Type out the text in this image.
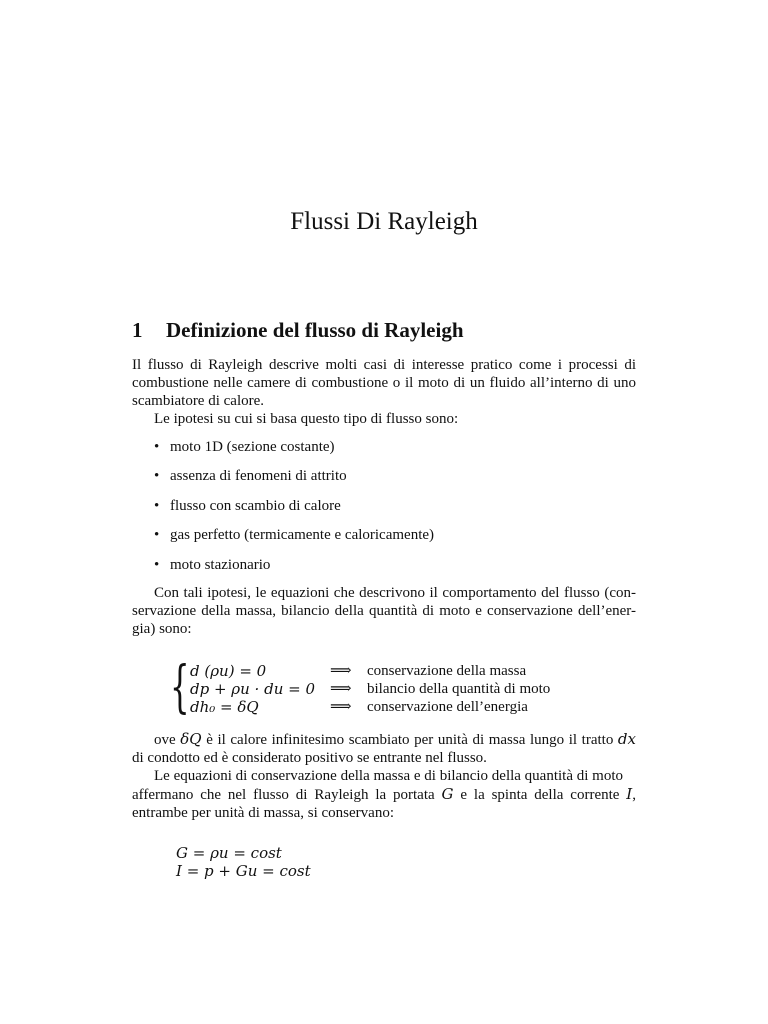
Flussi Di Rayleigh
1 Definizione del flusso di Rayleigh
Il flusso di Rayleigh descrive molti casi di interesse pratico come i processi di
combustione nelle camere di combustione o il moto di un fluido all’interno di uno
scambiatore di calore.
Le ipotesi su cui si basa questo tipo di flusso sono:
• moto 1D (sezione costante)
• assenza di fenomeni di attrito
• flusso con scambio di calore
• gas perfetto (termicamente e caloricamente)
• moto stazionario
Con tali ipotesi, le equazioni che descrivono il comportamento del flusso (con-
servazione della massa, bilancio della quantità di moto e conservazione dell’ener-
gia) sono:
{ d (ρu) = 0	⟹ conservazione della massa
dp + ρu · du = 0 ⟹ bilancio della quantità di moto
dh₀ = δQ	⟹ conservazione dell’energia
ove δQ è il calore infinitesimo scambiato per unità di massa lungo il tratto dx
di condotto ed è considerato positivo se entrante nel flusso.
Le equazioni di conservazione della massa e di bilancio della quantità di moto
affermano che nel flusso di Rayleigh la portata G e la spinta della corrente I,
entrambe per unità di massa, si conservano:
G = ρu = cost
I = p + Gu = cost
